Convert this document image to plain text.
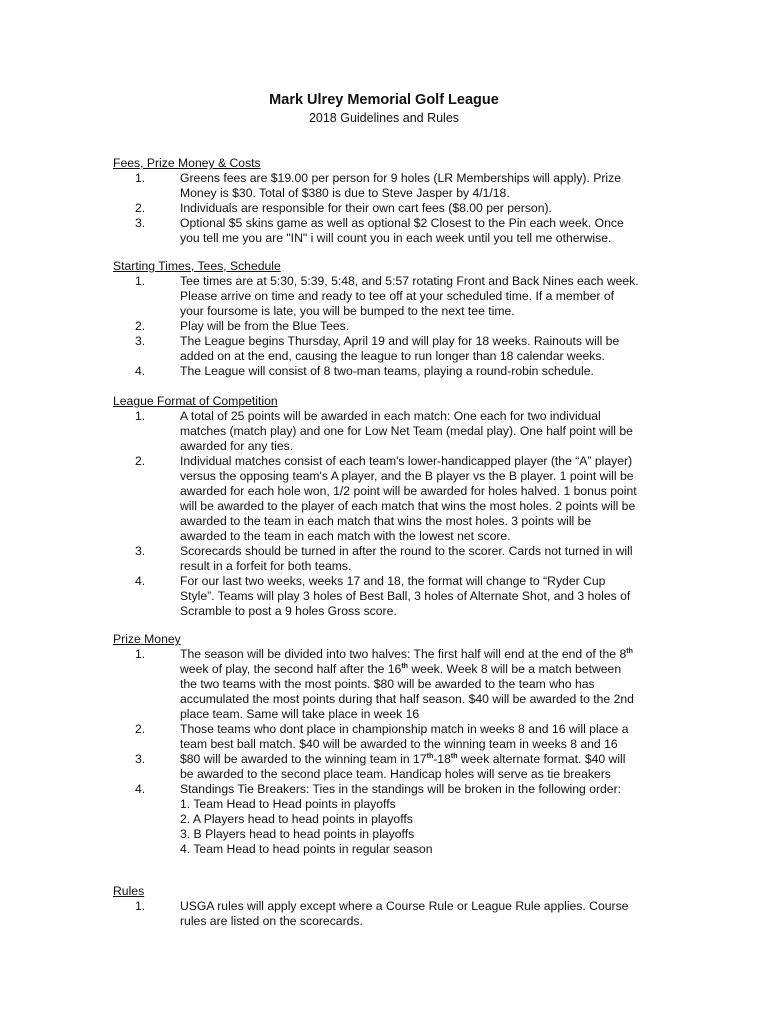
Mark Ulrey Memorial Golf League
2018 Guidelines and Rules
Fees, Prize Money & Costs
1.	Greens fees are $19.00 per person for 9 holes (LR Memberships will apply). Prize
Money is $30. Total of $380 is due to Steve Jasper by 4/1/18.
2.	Individuals are responsible for their own cart fees ($8.00 per person).
3.	Optional $5 skins game as well as optional $2 Closest to the Pin each week. Once
you tell me you are "IN" i will count you in each week until you tell me otherwise.
Starting Times, Tees, Schedule
1.	Tee times are at 5:30, 5:39, 5:48, and 5:57 rotating Front and Back Nines each week.
Please arrive on time and ready to tee off at your scheduled time. If a member of
your foursome is late, you will be bumped to the next tee time.
2.	Play will be from the Blue Tees.
3.	The League begins Thursday, April 19 and will play for 18 weeks. Rainouts will be
added on at the end, causing the league to run longer than 18 calendar weeks.
4.	The League will consist of 8 two-man teams, playing a round-robin schedule.
League Format of Competition
1.	A total of 25 points will be awarded in each match: One each for two individual
matches (match play) and one for Low Net Team (medal play). One half point will be
awarded for any ties.
2.	Individual matches consist of each team's lower-handicapped player (the “A” player)
versus the opposing team's A player, and the B player vs the B player. 1 point will be
awarded for each hole won, 1/2 point will be awarded for holes halved. 1 bonus point
will be awarded to the player of each match that wins the most holes. 2 points will be
awarded to the team in each match that wins the most holes. 3 points will be
awarded to the team in each match with the lowest net score.
3.	Scorecards should be turned in after the round to the scorer. Cards not turned in will
result in a forfeit for both teams.
4.	For our last two weeks, weeks 17 and 18, the format will change to “Ryder Cup
Style”. Teams will play 3 holes of Best Ball, 3 holes of Alternate Shot, and 3 holes of
Scramble to post a 9 holes Gross score.
Prize Money
1.	The season will be divided into two halves: The first half will end at the end of the 8th
week of play, the second half after the 16th week. Week 8 will be a match between
the two teams with the most points. $80 will be awarded to the team who has
accumulated the most points during that half season. $40 will be awarded to the 2nd
place team. Same will take place in week 16
2.	Those teams who dont place in championship match in weeks 8 and 16 will place a
team best ball match. $40 will be awarded to the winning team in weeks 8 and 16
3.	$80 will be awarded to the winning team in 17th-18th week alternate format. $40 will
be awarded to the second place team. Handicap holes will serve as tie breakers
4.	Standings Tie Breakers: Ties in the standings will be broken in the following order:
1. Team Head to Head points in playoffs
2. A Players head to head points in playoffs
3. B Players head to head points in playoffs
4. Team Head to head points in regular season
Rules
1.	USGA rules will apply except where a Course Rule or League Rule applies. Course
rules are listed on the scorecards.
